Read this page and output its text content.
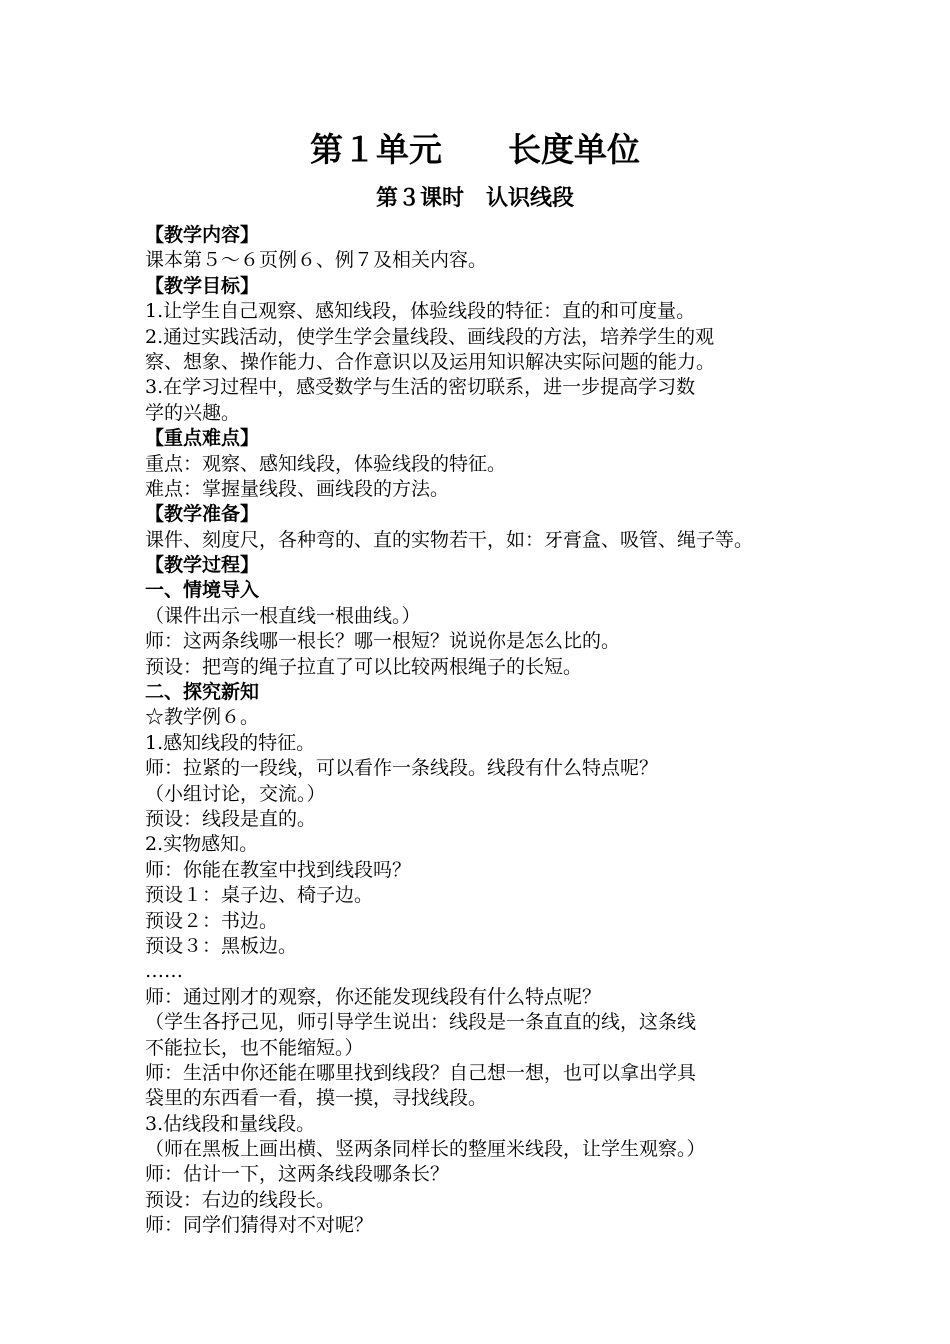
第１单元　　长度单位
第３课时　认识线段
【教学内容】
课本第５～６页例６、例７及相关内容。
【教学目标】
1.让学生自己观察、感知线段，体验线段的特征：直的和可度量。
2.通过实践活动，使学生学会量线段、画线段的方法，培养学生的观
察、想象、操作能力、合作意识以及运用知识解决实际问题的能力。
3.在学习过程中，感受数学与生活的密切联系，进一步提高学习数
学的兴趣。
【重点难点】
重点：观察、感知线段，体验线段的特征。
难点：掌握量线段、画线段的方法。
【教学准备】
课件、刻度尺，各种弯的、直的实物若干，如：牙膏盒、吸管、绳子等。
【教学过程】
一、情境导入
（课件出示一根直线一根曲线。）
师：这两条线哪一根长？哪一根短？说说你是怎么比的。
预设：把弯的绳子拉直了可以比较两根绳子的长短。
二、探究新知
☆教学例６。
1.感知线段的特征。
师：拉紧的一段线，可以看作一条线段。线段有什么特点呢？
（小组讨论，交流。）
预设：线段是直的。
2.实物感知。
师：你能在教室中找到线段吗？
预设１：桌子边、椅子边。
预设２：书边。
预设３：黑板边。
……
师：通过刚才的观察，你还能发现线段有什么特点呢？
（学生各抒己见，师引导学生说出：线段是一条直直的线，这条线
不能拉长，也不能缩短。）
师：生活中你还能在哪里找到线段？自己想一想，也可以拿出学具
袋里的东西看一看，摸一摸，寻找线段。
3.估线段和量线段。
（师在黑板上画出横、竖两条同样长的整厘米线段，让学生观察。）
师：估计一下，这两条线段哪条长？
预设：右边的线段长。
师：同学们猜得对不对呢？
